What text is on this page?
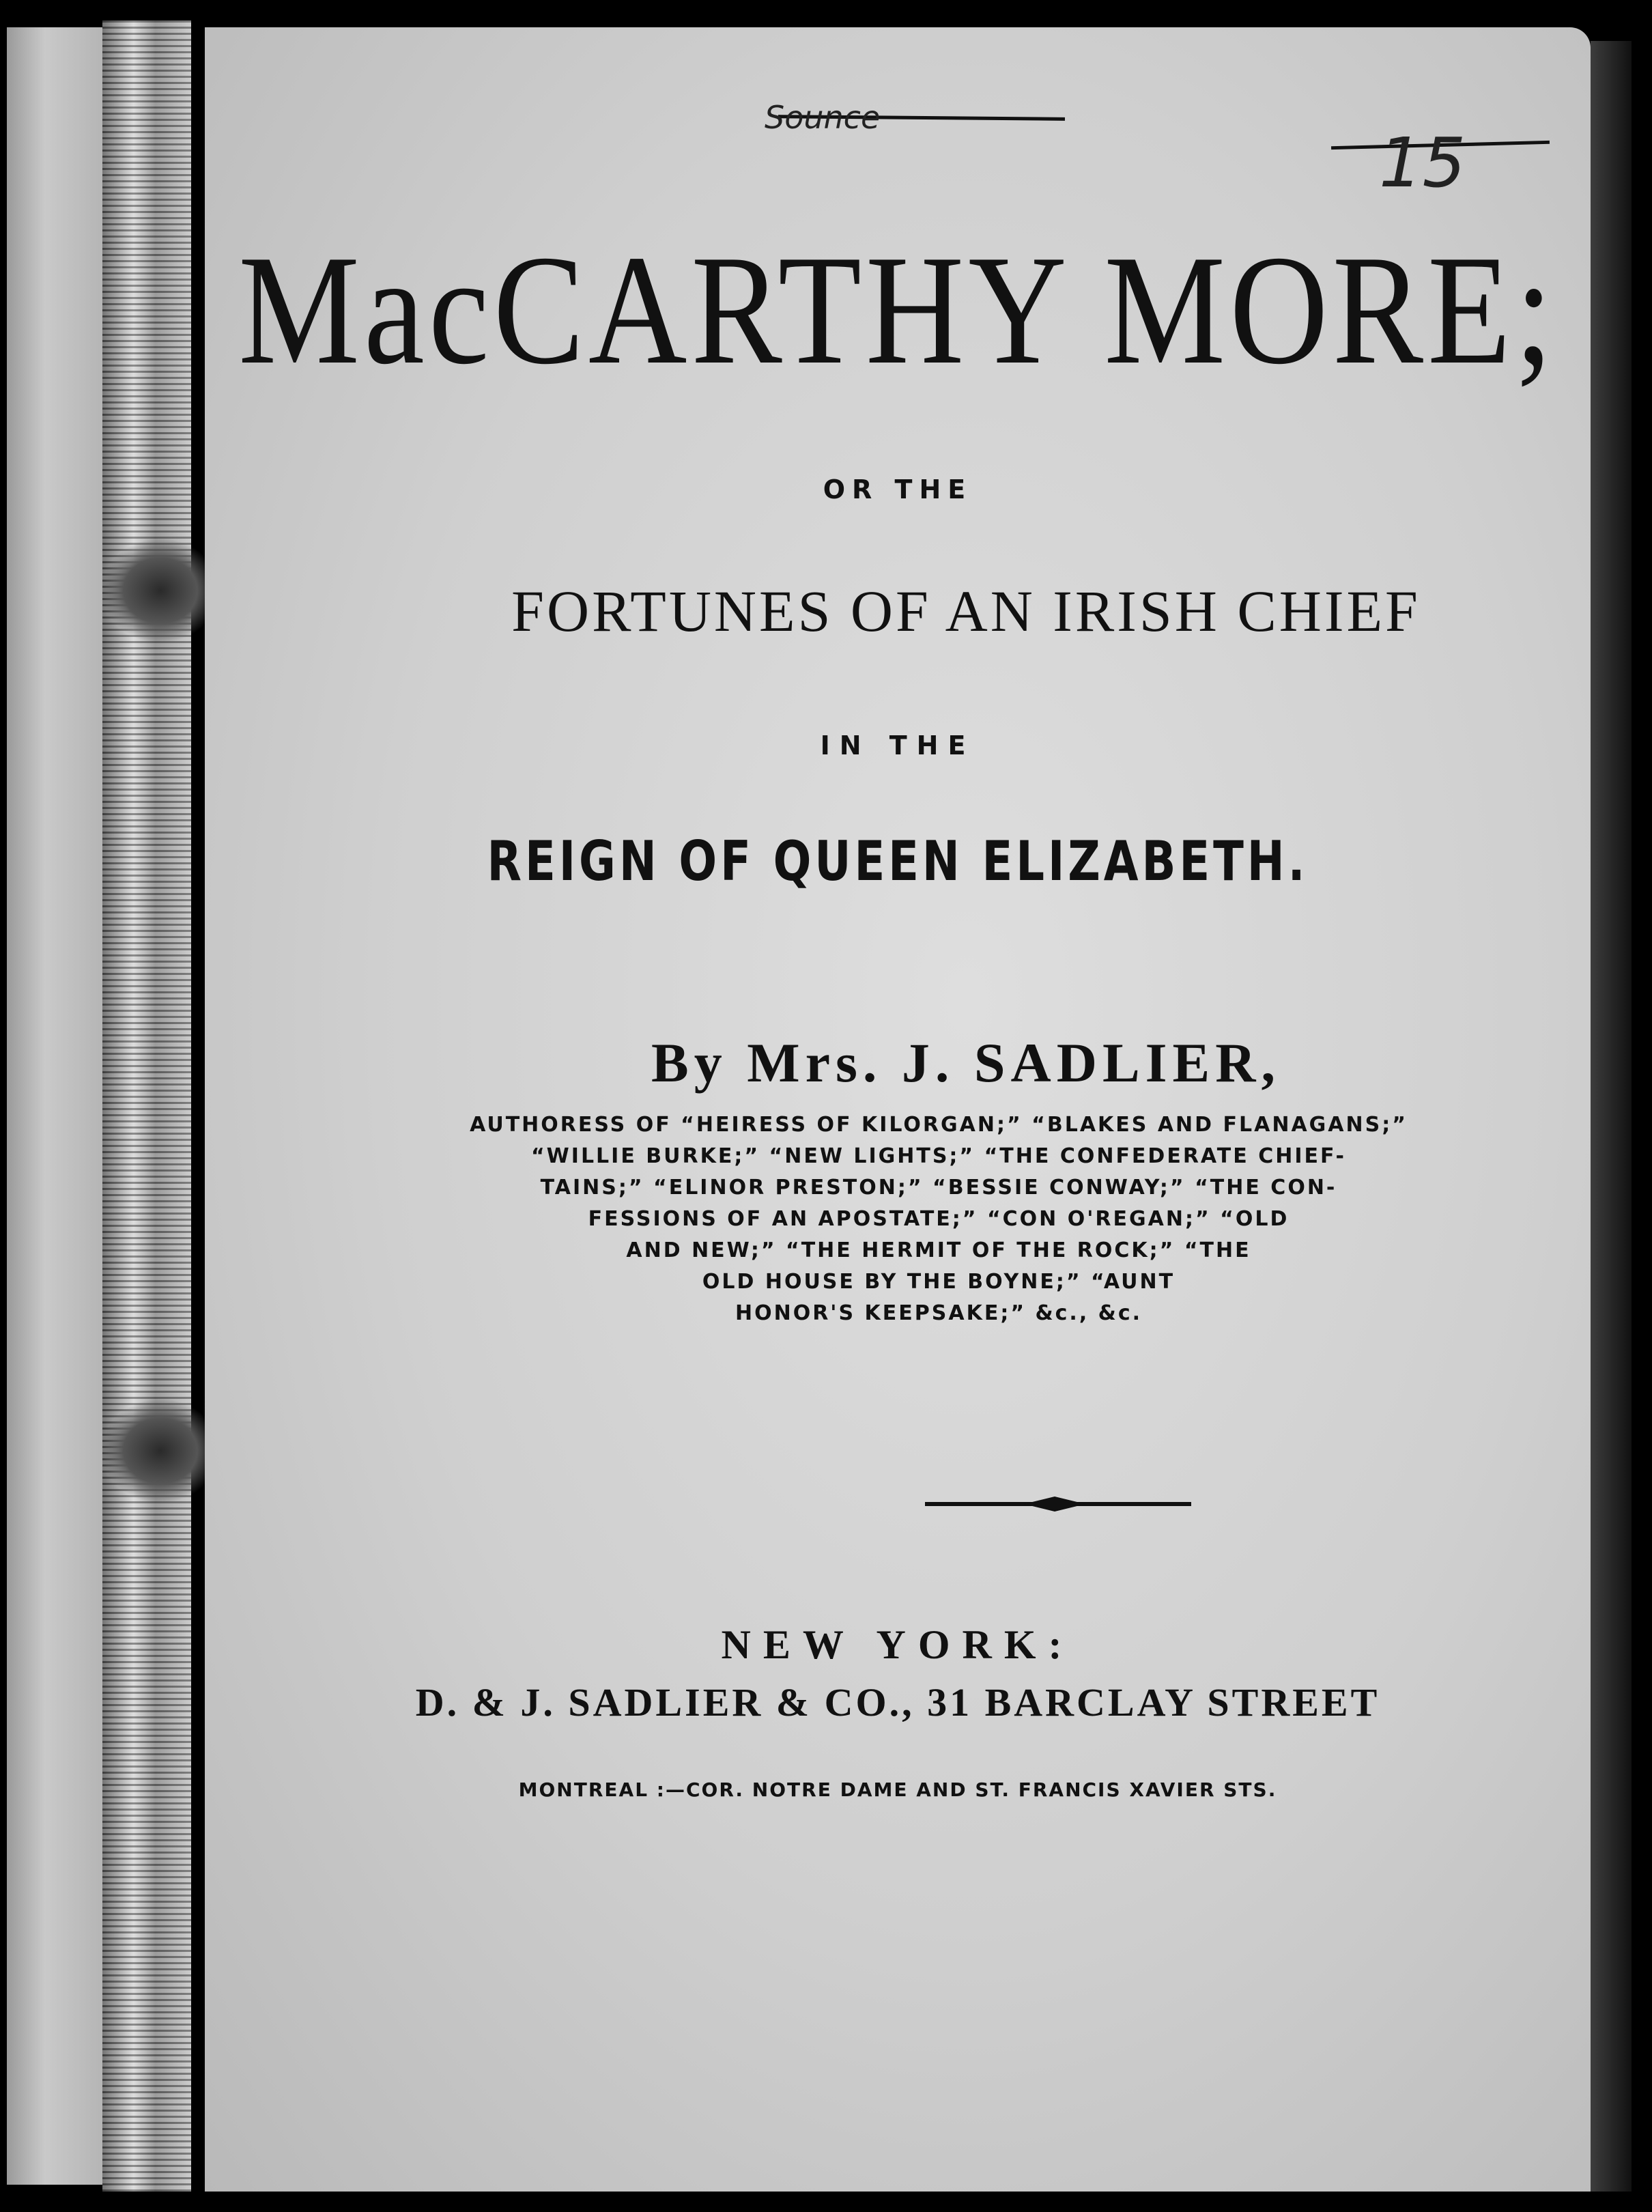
Sounce
15
MacCARTHY MORE;
OR THE
FORTUNES OF AN IRISH CHIEF
IN THE
REIGN OF QUEEN ELIZABETH.
By Mrs. J. SADLIER,
AUTHORESS OF “HEIRESS OF KILORGAN;” “BLAKES AND FLANAGANS;”
“WILLIE BURKE;” “NEW LIGHTS;” “THE CONFEDERATE CHIEF-
TAINS;” “ELINOR PRESTON;” “BESSIE CONWAY;” “THE CON-
FESSIONS OF AN APOSTATE;” “CON O'REGAN;” “OLD
AND NEW;” “THE HERMIT OF THE ROCK;” “THE
OLD HOUSE BY THE BOYNE;” “AUNT
HONOR'S KEEPSAKE;” &c., &c.
NEW YORK:
D. & J. SADLIER & CO., 31 BARCLAY STREET
MONTREAL :—COR. NOTRE DAME AND ST. FRANCIS XAVIER STS.
